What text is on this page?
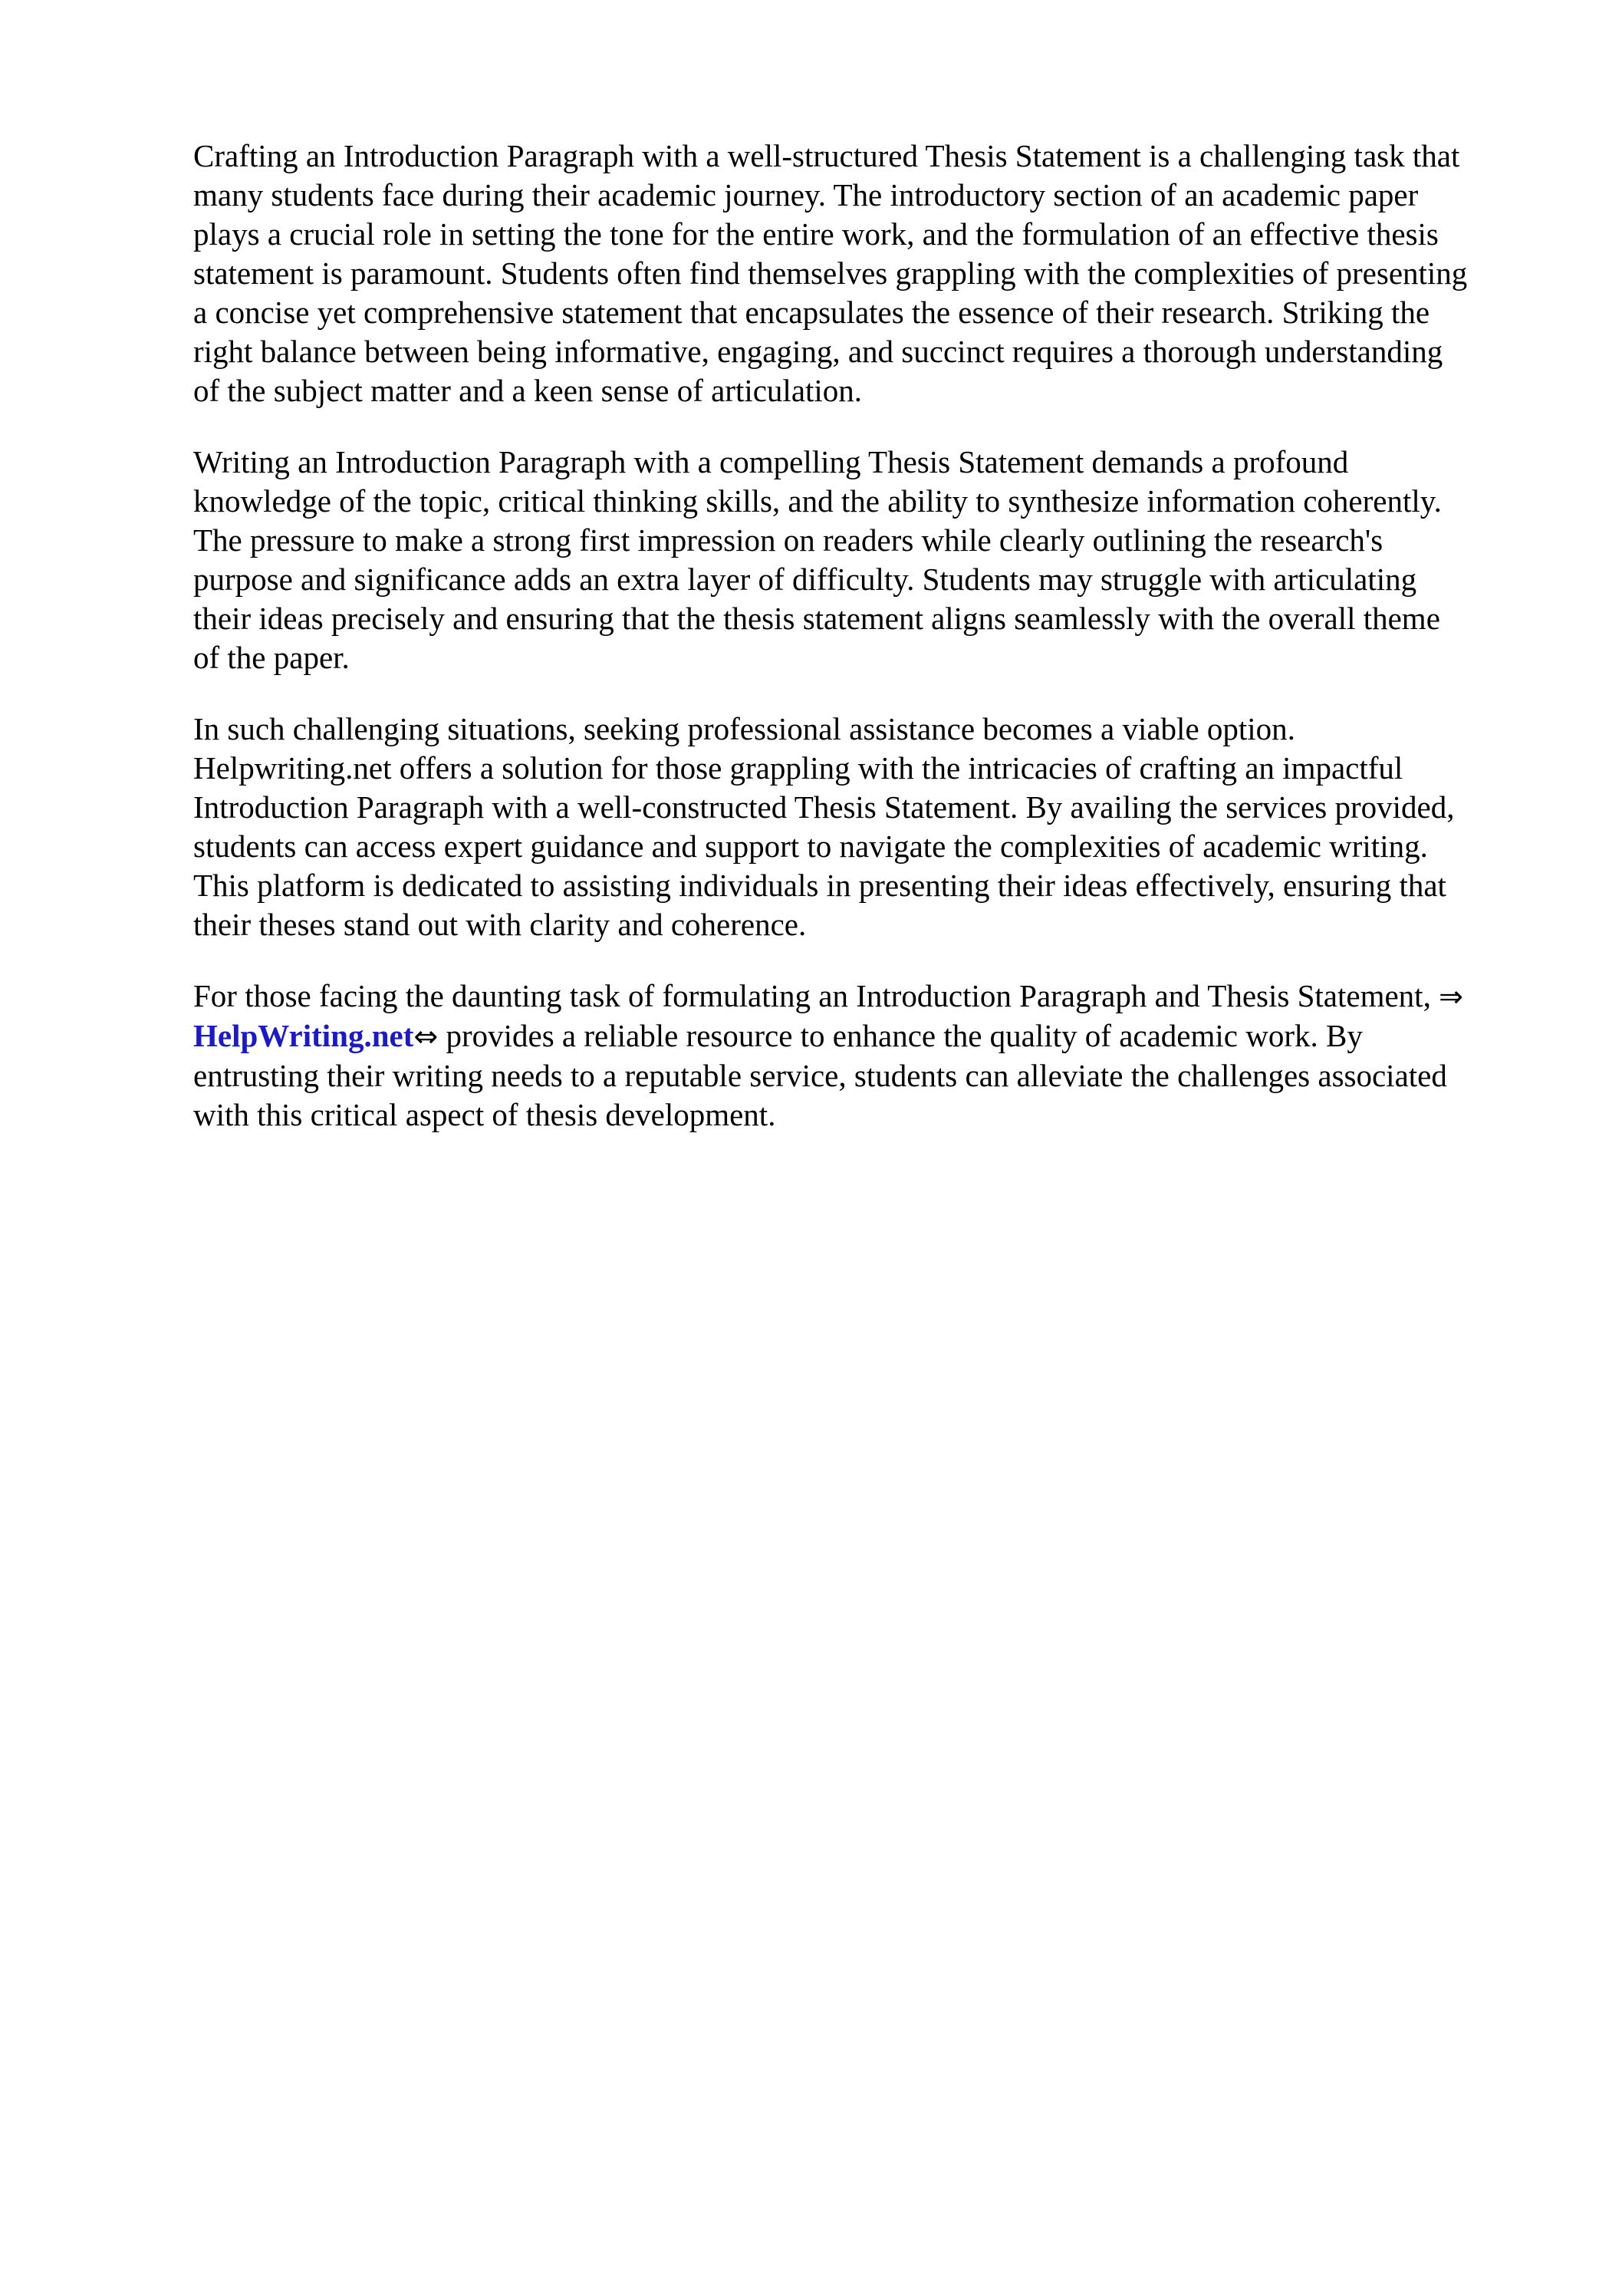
Crafting an Introduction Paragraph with a well-structured Thesis Statement is a challenging task that
many students face during their academic journey. The introductory section of an academic paper
plays a crucial role in setting the tone for the entire work, and the formulation of an effective thesis
statement is paramount. Students often find themselves grappling with the complexities of presenting
a concise yet comprehensive statement that encapsulates the essence of their research. Striking the
right balance between being informative, engaging, and succinct requires a thorough understanding
of the subject matter and a keen sense of articulation.

Writing an Introduction Paragraph with a compelling Thesis Statement demands a profound
knowledge of the topic, critical thinking skills, and the ability to synthesize information coherently.
The pressure to make a strong first impression on readers while clearly outlining the research's
purpose and significance adds an extra layer of difficulty. Students may struggle with articulating
their ideas precisely and ensuring that the thesis statement aligns seamlessly with the overall theme
of the paper.

In such challenging situations, seeking professional assistance becomes a viable option.
Helpwriting.net offers a solution for those grappling with the intricacies of crafting an impactful
Introduction Paragraph with a well-constructed Thesis Statement. By availing the services provided,
students can access expert guidance and support to navigate the complexities of academic writing.
This platform is dedicated to assisting individuals in presenting their ideas effectively, ensuring that
their theses stand out with clarity and coherence.

For those facing the daunting task of formulating an Introduction Paragraph and Thesis Statement, ⇒
HelpWriting.net⇔ provides a reliable resource to enhance the quality of academic work. By
entrusting their writing needs to a reputable service, students can alleviate the challenges associated
with this critical aspect of thesis development.
